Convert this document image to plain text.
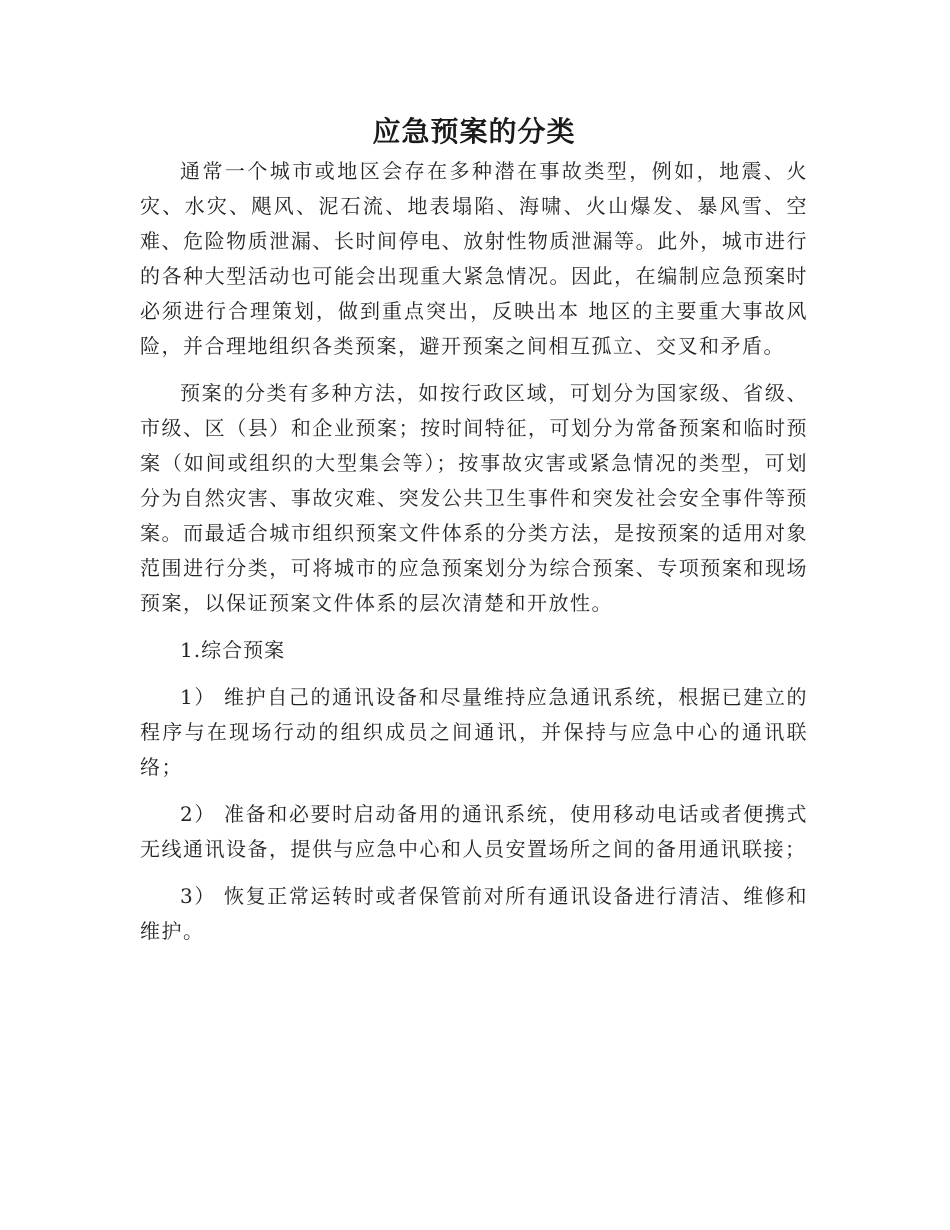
应急预案的分类

通常一个城市或地区会存在多种潜在事故类型，例如，地震、火灾、水灾、飓风、泥石流、地表塌陷、海啸、火山爆发、暴风雪、空难、危险物质泄漏、长时间停电、放射性物质泄漏等。此外，城市进行的各种大型活动也可能会出现重大紧急情况。因此，在编制应急预案时必须进行合理策划，做到重点突出，反映出本 地区的主要重大事故风险，并合理地组织各类预案，避开预案之间相互孤立、交叉和矛盾。

预案的分类有多种方法，如按行政区域，可划分为国家级、省级、市级、区（县）和企业预案；按时间特征，可划分为常备预案和临时预案（如间或组织的大型集会等）；按事故灾害或紧急情况的类型，可划分为自然灾害、事故灾难、突发公共卫生事件和突发社会安全事件等预案。而最适合城市组织预案文件体系的分类方法，是按预案的适用对象范围进行分类，可将城市的应急预案划分为综合预案、专项预案和现场预案，以保证预案文件体系的层次清楚和开放性。

1.综合预案

1） 维护自己的通讯设备和尽量维持应急通讯系统，根据已建立的程序与在现场行动的组织成员之间通讯，并保持与应急中心的通讯联络；

2） 准备和必要时启动备用的通讯系统，使用移动电话或者便携式无线通讯设备，提供与应急中心和人员安置场所之间的备用通讯联接；

3） 恢复正常运转时或者保管前对所有通讯设备进行清洁、维修和维护。
